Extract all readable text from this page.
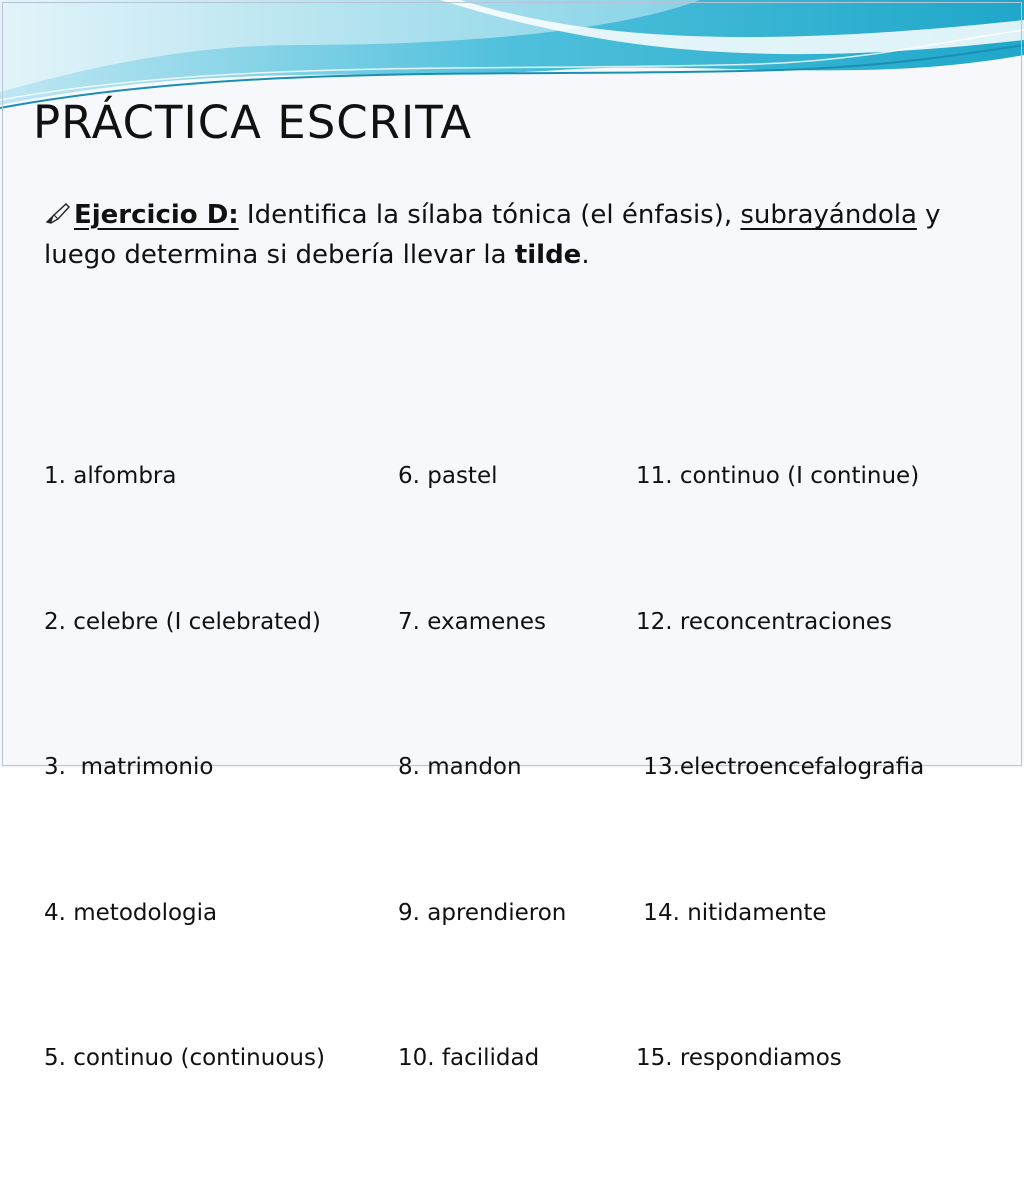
PRÁCTICA ESCRITA
Ejercicio D: Identifica la sílaba tónica (el énfasis), subrayándola y luego determina si debería llevar la tilde.

1. alfombra

2. celebre (I celebrated)

3.  matrimonio

4. metodologia

5. continuo (continuous)

6. pastel

7. examenes

8. mandon

9. aprendieron

10. facilidad

11. continuo (I continue)

12. reconcentraciones

13.electroencefalografia

14. nitidamente

15. respondiamos
